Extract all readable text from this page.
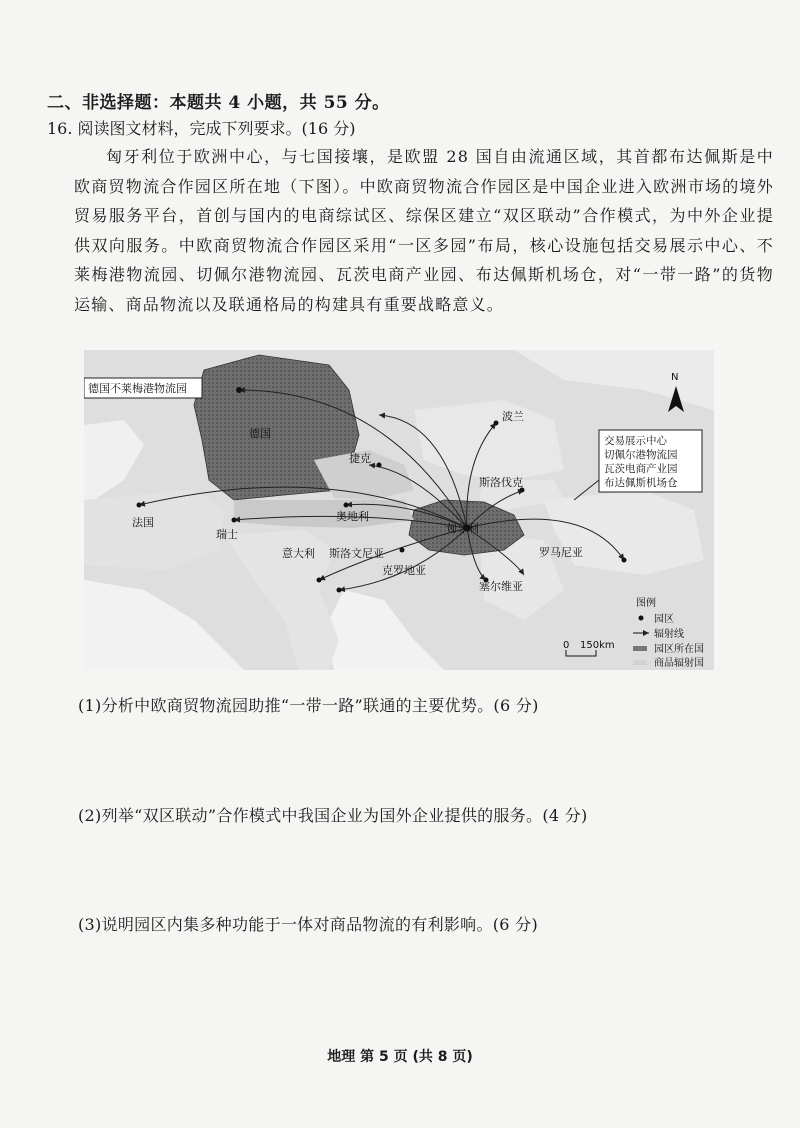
二、非选择题：本题共 4 小题，共 55 分。
16. 阅读图文材料，完成下列要求。(16 分)
匈牙利位于欧洲中心，与七国接壤，是欧盟 28 国自由流通区域，其首都布达佩斯是中欧商贸物流合作园区所在地（下图）。中欧商贸物流合作园区是中国企业进入欧洲市场的境外贸易服务平台，首创与国内的电商综试区、综保区建立“双区联动”合作模式，为中外企业提供双向服务。中欧商贸物流合作园区采用“一区多园”布局，核心设施包括交易展示中心、不莱梅港物流园、切佩尔港物流园、瓦茨电商产业园、布达佩斯机场仓，对“一带一路”的货物运输、商品物流以及联通格局的构建具有重要战略意义。
德国不莱梅港物流园
德国
波兰
捷克
斯洛伐克
法国	奥地利
瑞士
意大利 斯洛文尼亚
匈牙利
克罗地亚
罗马尼亚
塞尔维亚
交易展示中心
切佩尔港物流园
瓦茨电商产业园
布达佩斯机场仓
N
0 150km
图例
园区
辐射线
园区所在国
商品辐射国
(1)分析中欧商贸物流园助推“一带一路”联通的主要优势。(6 分)
(2)列举“双区联动”合作模式中我国企业为国外企业提供的服务。(4 分)
(3)说明园区内集多种功能于一体对商品物流的有利影响。(6 分)
地理 第 5 页 (共 8 页)
